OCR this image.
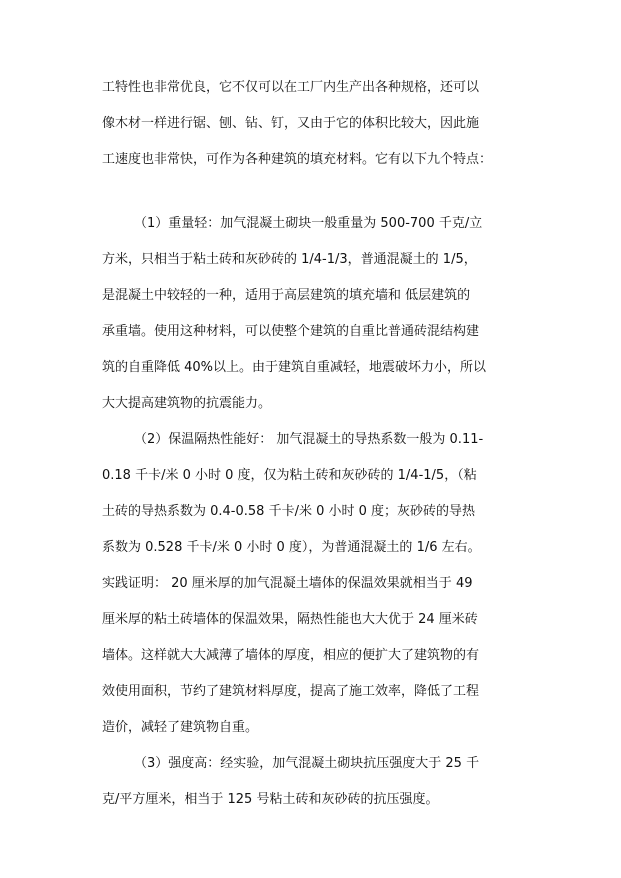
工特性也非常优良，它不仅可以在工厂内生产出各种规格，还可以
像木材一样进行锯、刨、钻、钉，又由于它的体积比较大，因此施
工速度也非常快，可作为各种建筑的填充材料。它有以下九个特点：
（1）重量轻：加气混凝土砌块一般重量为 500-700 千克/立
方米，只相当于粘土砖和灰砂砖的 1/4-1/3，普通混凝土的 1/5，
是混凝土中较轻的一种，适用于高层建筑的填充墙和 低层建筑的
承重墙。使用这种材料，可以使整个建筑的自重比普通砖混结构建
筑的自重降低 40%以上。由于建筑自重减轻，地震破坏力小，所以
大大提高建筑物的抗震能力。
（2）保温隔热性能好： 加气混凝土的导热系数一般为 0.11-
0.18 千卡/米 0 小时 0 度，仅为粘土砖和灰砂砖的 1/4-1/5，（粘
土砖的导热系数为 0.4-0.58 千卡/米 0 小时 0 度；灰砂砖的导热
系数为 0.528 千卡/米 0 小时 0 度），为普通混凝土的 1/6 左右。
实践证明： 20 厘米厚的加气混凝土墙体的保温效果就相当于 49
厘米厚的粘土砖墙体的保温效果，隔热性能也大大优于 24 厘米砖
墙体。这样就大大减薄了墙体的厚度，相应的便扩大了建筑物的有
效使用面积，节约了建筑材料厚度，提高了施工效率，降低了工程
造价，减轻了建筑物自重。
（3）强度高：经实验，加气混凝土砌块抗压强度大于 25 千
克/平方厘米，相当于 125 号粘土砖和灰砂砖的抗压强度。
